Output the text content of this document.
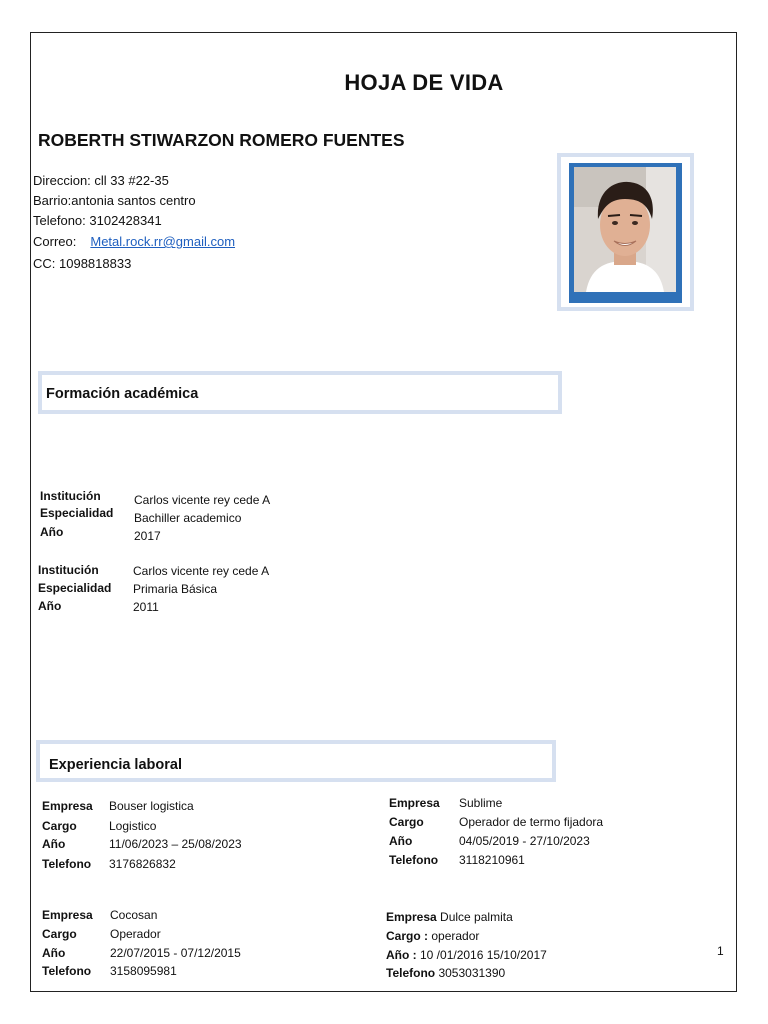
HOJA DE VIDA
ROBERTH STIWARZON ROMERO FUENTES
Direccion: cll 33 #22-35
Barrio:antonia santos centro
Telefono: 3102428341
Correo: Metal.rock.rr@gmail.com
CC: 1098818833
Formación académica
Institución	Carlos vicente rey cede A
Especialidad Bachiller academico
Año	2017
Institución	Carlos vicente rey cede A
Especialidad Primaria Básica
Año	2011
Experiencia laboral
Empresa Bouser logistica
Cargo	Logistico
Año	11/06/2023 – 25/08/2023
Telefono 3176826832
Empresa Sublime
Cargo	Operador de termo fijadora
Año	04/05/2019 - 27/10/2023
Telefono 3118210961
Empresa Cocosan
Cargo	Operador
Año	22/07/2015 - 07/12/2015
Telefono 3158095981
Empresa Dulce palmita
Cargo : operador
Año : 10 /01/2016 15/10/2017
Telefono 3053031390
1
